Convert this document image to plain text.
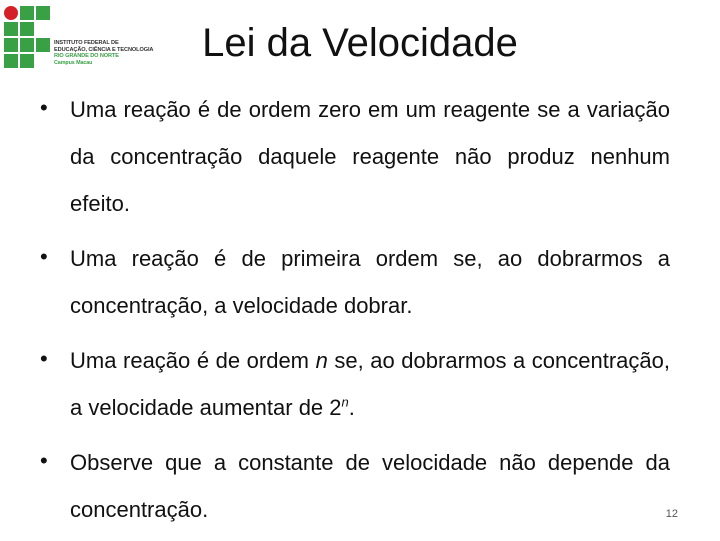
INSTITUTO FEDERAL DE
EDUCAÇÃO, CIÊNCIA E TECNOLOGIA
RIO GRANDE DO NORTE
Campus Macau	Lei da Velocidade
• Uma reação é de ordem zero em um reagente se a variação da concentração daquele reagente não produz nenhum efeito.
• Uma reação é de primeira ordem se, ao dobrarmos a concentração, a velocidade dobrar.
• Uma reação é de ordem n se, ao dobrarmos a concentração, a velocidade aumentar de 2$^n$.
• Observe que a constante de velocidade não depende da concentração.	12
